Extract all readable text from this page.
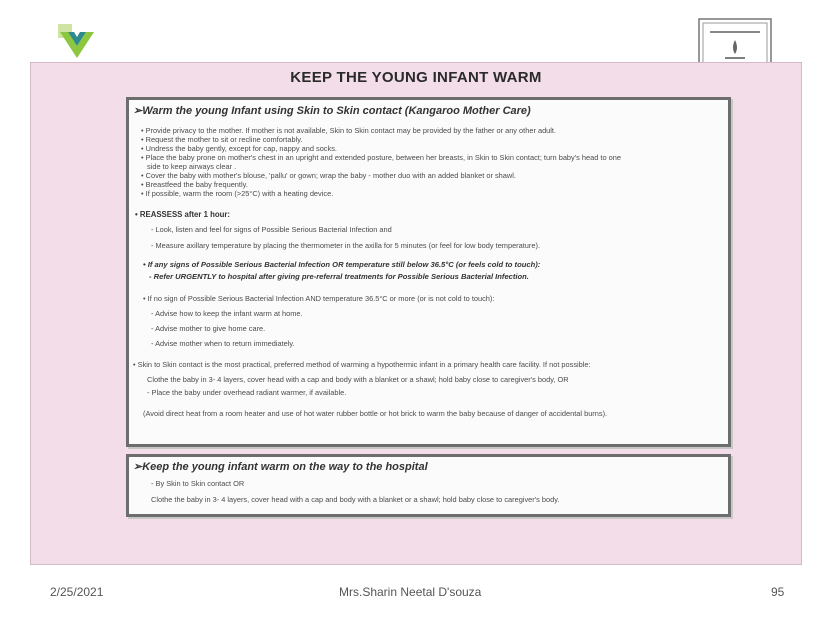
KEEP THE YOUNG INFANT WARM
➢Warm the young Infant using Skin to Skin contact (Kangaroo Mother Care)
• Provide privacy to the mother. If mother is not available, Skin to Skin contact may be provided by the father or any other adult.
• Request the mother to sit or recline comfortably.
• Undress the baby gently, except for cap, nappy and socks.
• Place the baby prone on mother's chest in an upright and extended posture, between her breasts, in Skin to Skin contact; turn baby's head to one
side to keep airways clear .
• Cover the baby with mother's blouse, 'pallu' or gown; wrap the baby - mother duo with an added blanket or shawl.
• Breastfeed the baby frequently.
• If possible, warm the room (>25°C) with a heating device.
• REASSESS after 1 hour:
- Look, listen and feel for signs of Possible Serious Bacterial Infection and
- Measure axillary temperature by placing the thermometer in the axilla for 5 minutes (or feel for low body temperature).
• If any signs of Possible Serious Bacterial Infection OR temperature still below 36.5°C (or feels cold to touch):
- Refer URGENTLY to hospital after giving pre-referral treatments for Possible Serious Bacterial Infection.
• If no sign of Possible Serious Bacterial Infection AND temperature 36.5°C or more (or is not cold to touch):
- Advise how to keep the infant warm at home.
- Advise mother to give home care.
- Advise mother when to return immediately.
• Skin to Skin contact is the most practical, preferred method of warming a hypothermic infant in a primary health care facility. If not possible:
Clothe the baby in 3- 4 layers, cover head with a cap and body with a blanket or a shawl; hold baby close to caregiver's body, OR
- Place the baby under overhead radiant warmer, if available.
(Avoid direct heat from a room heater and use of hot water rubber bottle or hot brick to warm the baby because of danger of accidental burns).
➢Keep the young infant warm on the way to the hospital
- By Skin to Skin contact OR
Clothe the baby in 3- 4 layers, cover head with a cap and body with a blanket or a shawl; hold baby close to caregiver's body.
2/25/2021	Mrs.Sharin Neetal D'souza	95
